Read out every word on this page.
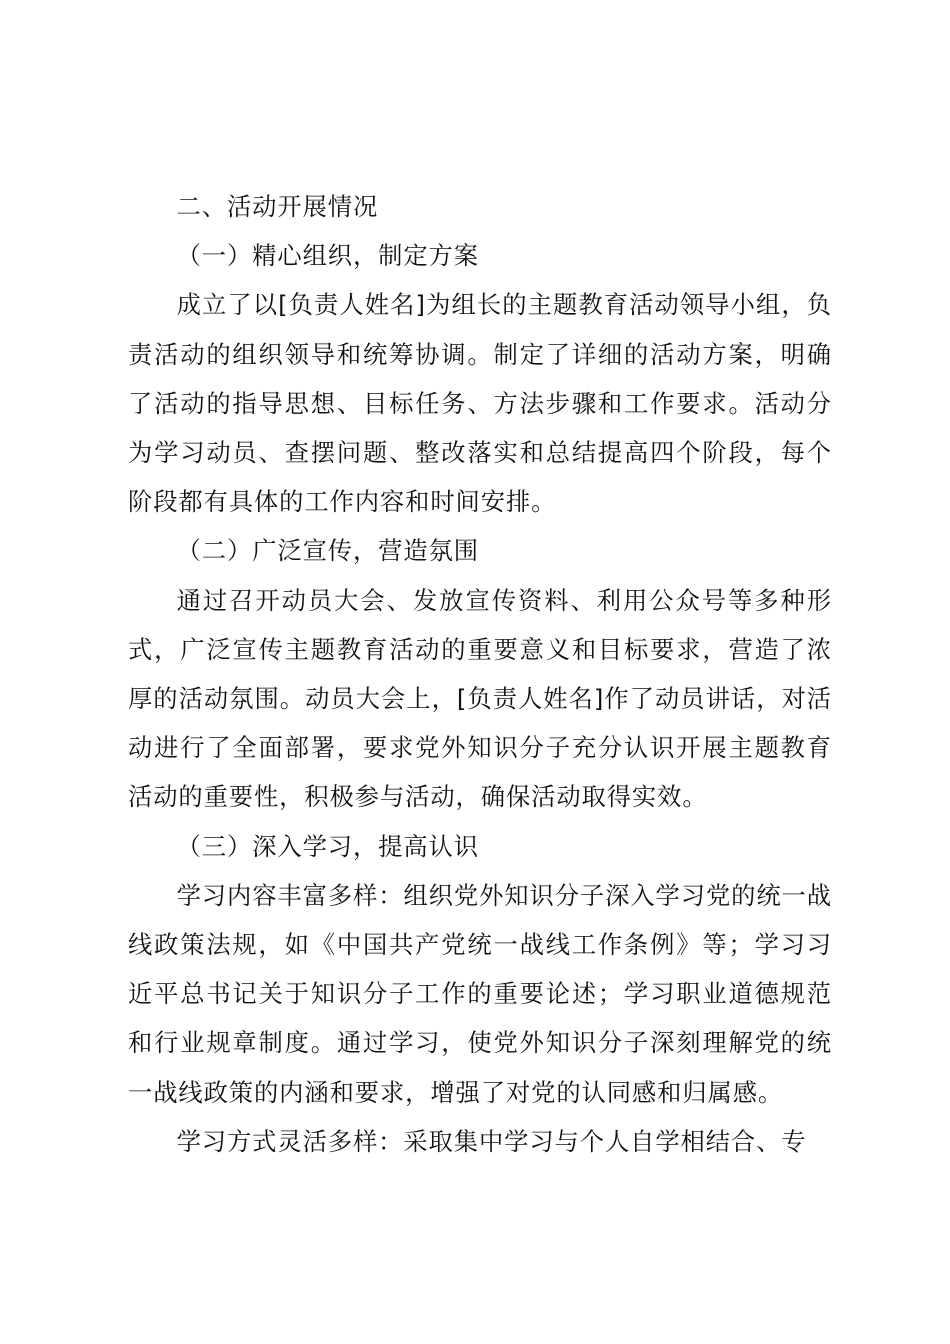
二、活动开展情况

（一）精心组织，制定方案

成立了以[负责人姓名]为组长的主题教育活动领导小组，负责活动的组织领导和统筹协调。制定了详细的活动方案，明确了活动的指导思想、目标任务、方法步骤和工作要求。活动分为学习动员、查摆问题、整改落实和总结提高四个阶段，每个阶段都有具体的工作内容和时间安排。

（二）广泛宣传，营造氛围

通过召开动员大会、发放宣传资料、利用公众号等多种形式，广泛宣传主题教育活动的重要意义和目标要求，营造了浓厚的活动氛围。动员大会上，[负责人姓名]作了动员讲话，对活动进行了全面部署，要求党外知识分子充分认识开展主题教育活动的重要性，积极参与活动，确保活动取得实效。

（三）深入学习，提高认识

学习内容丰富多样：组织党外知识分子深入学习党的统一战线政策法规，如《中国共产党统一战线工作条例》等；学习习近平总书记关于知识分子工作的重要论述；学习职业道德规范和行业规章制度。通过学习，使党外知识分子深刻理解党的统一战线政策的内涵和要求，增强了对党的认同感和归属感。

学习方式灵活多样：采取集中学习与个人自学相结合、专
